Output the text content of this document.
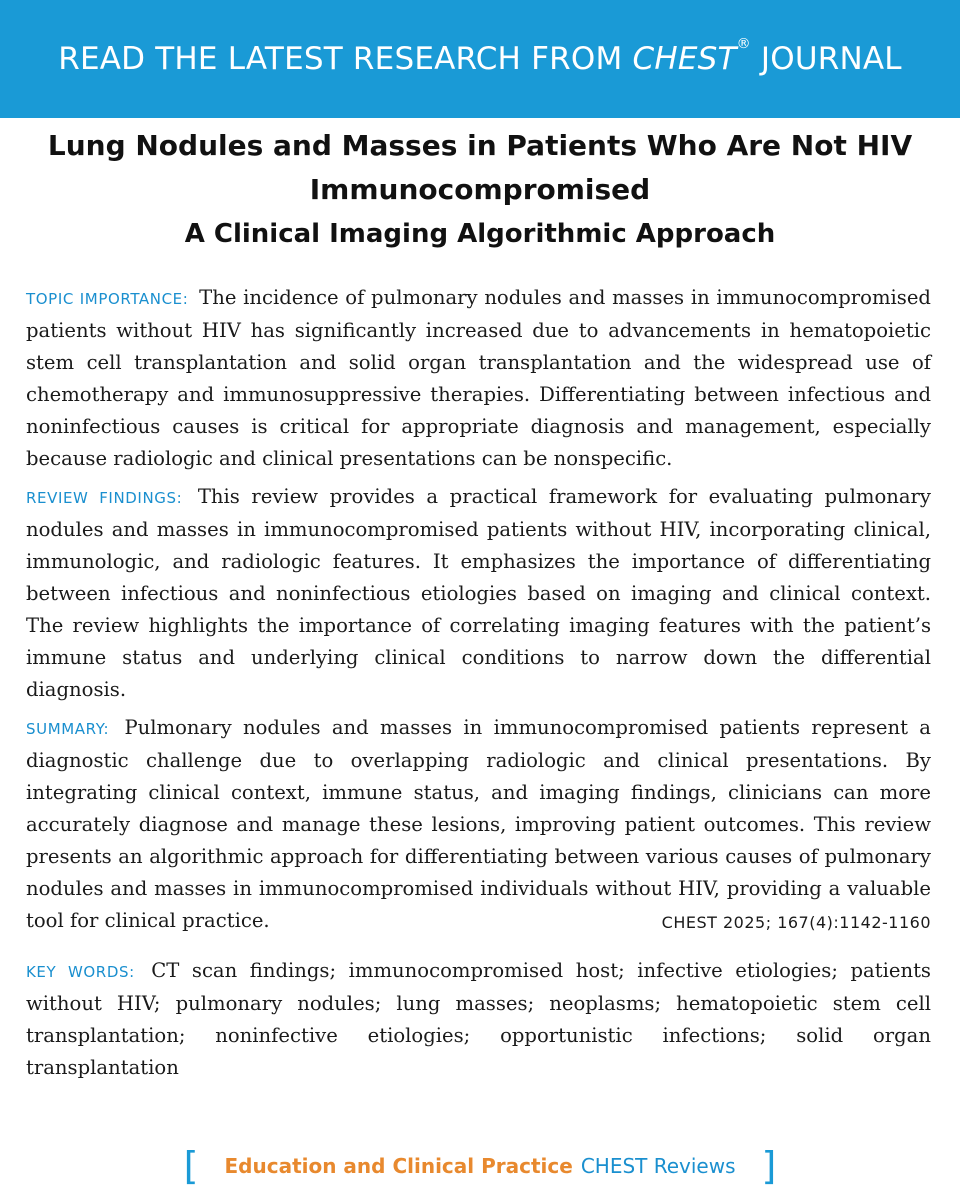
READ THE LATEST RESEARCH FROM CHEST® JOURNAL

Lung Nodules and Masses in Patients Who Are Not HIV Immunocompromised

A Clinical Imaging Algorithmic Approach

TOPIC IMPORTANCE: The incidence of pulmonary nodules and masses in immunocompromised patients without HIV has significantly increased due to advancements in hematopoietic stem cell transplantation and solid organ transplantation and the widespread use of chemotherapy and immunosuppressive therapies. Differentiating between infectious and noninfectious causes is critical for appropriate diagnosis and management, especially because radiologic and clinical presentations can be nonspecific.

REVIEW FINDINGS: This review provides a practical framework for evaluating pulmonary nodules and masses in immunocompromised patients without HIV, incorporating clinical, immunologic, and radiologic features. It emphasizes the importance of differentiating between infectious and noninfectious etiologies based on imaging and clinical context. The review highlights the importance of correlating imaging features with the patient’s immune status and underlying clinical conditions to narrow down the differential diagnosis.

SUMMARY: Pulmonary nodules and masses in immunocompromised patients represent a diagnostic challenge due to overlapping radiologic and clinical presentations. By integrating clinical context, immune status, and imaging findings, clinicians can more accurately diagnose and manage these lesions, improving patient outcomes. This review presents an algorithmic approach for differentiating between various causes of pulmonary nodules and masses in immunocompromised individuals without HIV, providing a valuable tool for clinical practice.	CHEST 2025; 167(4):1142-1160

KEY WORDS: CT scan findings; immunocompromised host; infective etiologies; patients without HIV; pulmonary nodules; lung masses; neoplasms; hematopoietic stem cell transplantation; noninfective etiologies; opportunistic infections; solid organ transplantation

[ Education and Clinical Practice CHEST Reviews ]
